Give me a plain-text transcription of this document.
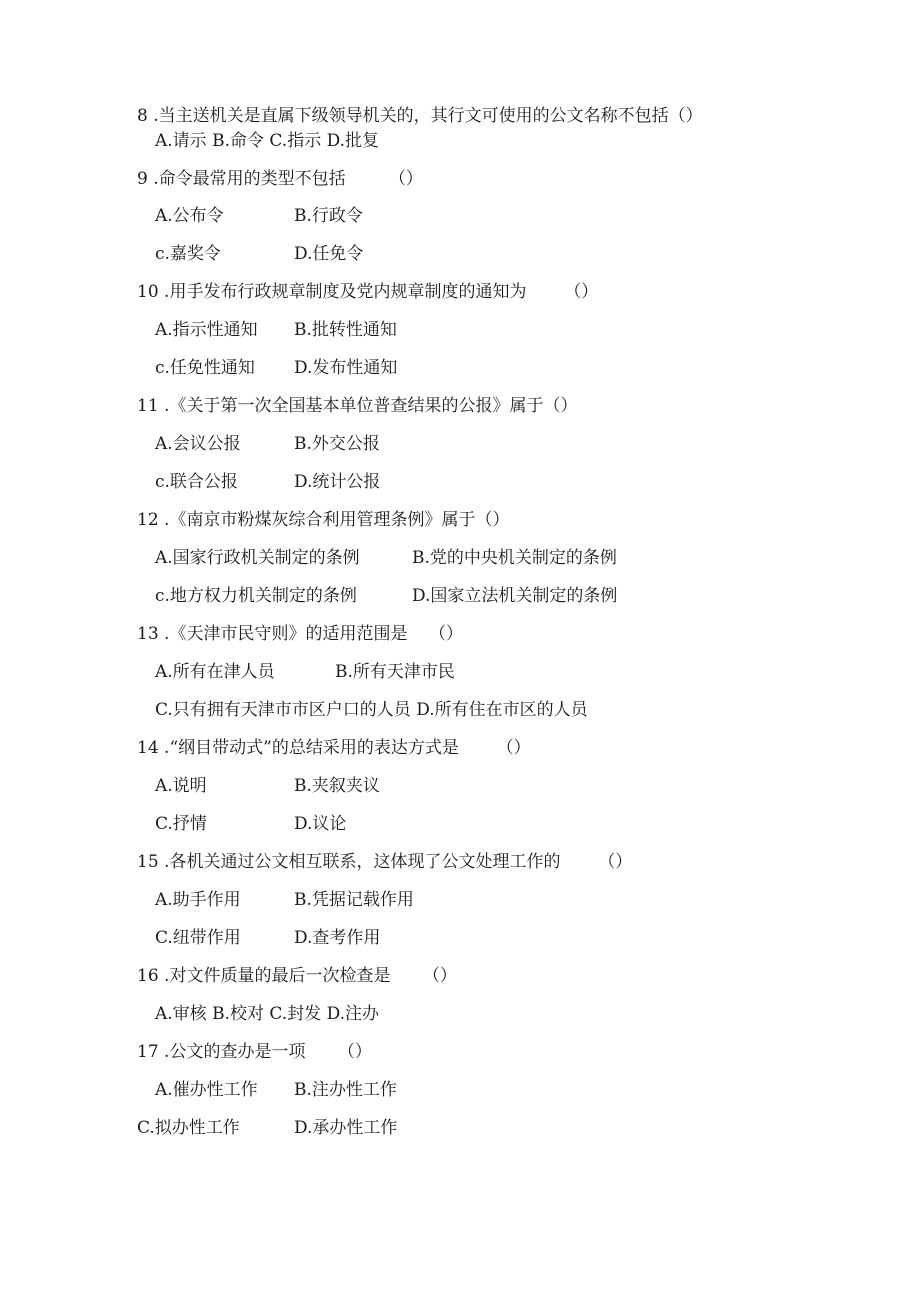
8 .当主送机关是直属下级领导机关的，其行文可使用的公文名称不包括（）
A.请示 B.命令 C.指示 D.批复
9 .命令最常用的类型不包括        （）
A.公布令	B.行政令
c.嘉奖令	D.任免令
10 .用手发布行政规章制度及党内规章制度的通知为       （）
A.指示性通知 B.批转性通知
c.任免性通知 D.发布性通知
11 .《关于第一次全国基本单位普查结果的公报》属于（）
A.会议公报	B.外交公报
c.联合公报	D.统计公报
12 .《南京市粉煤灰综合利用管理条例》属于（）
A.国家行政机关制定的条例	B.党的中央机关制定的条例
c.地方权力机关制定的条例	D.国家立法机关制定的条例
13 .《天津市民守则》的适用范围是    （）
A.所有在津人员	B.所有天津市民
C.只有拥有天津市市区户口的人员 D.所有住在市区的人员
14 .“纲目带动式”的总结采用的表达方式是       （）
A.说明	B.夹叙夹议
C.抒情	D.议论
15 .各机关通过公文相互联系，这体现了公文处理工作的       （）
A.助手作用	B.凭据记载作用
C.纽带作用	D.查考作用
16 .对文件质量的最后一次检查是      （）
A.审核 B.校对 C.封发 D.注办
17 .公文的查办是一项      （）
A.催办性工作 B.注办性工作
C.拟办性工作	D.承办性工作
